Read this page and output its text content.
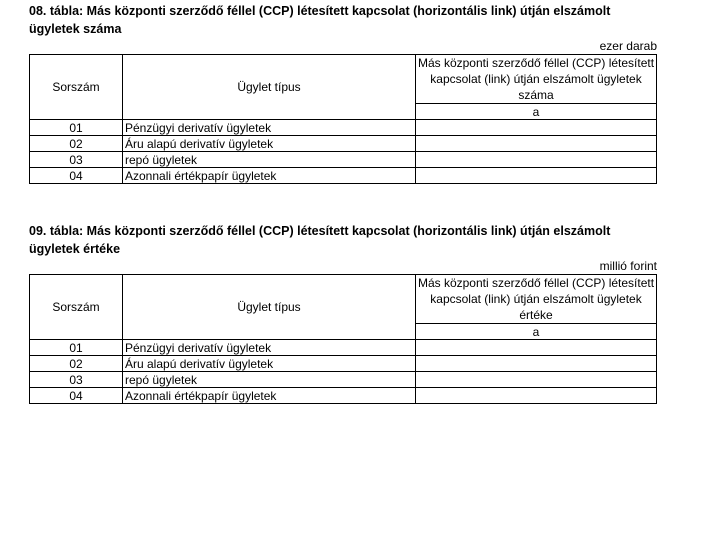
08. tábla: Más központi szerződő féllel (CCP) létesített kapcsolat (horizontális link) útján elszámolt ügyletek száma

ezer darab
Sorszám	Ügylet típus	Más központi szerződő féllel (CCP) létesített kapcsolat (link) útján elszámolt ügyletek száma
		a
01	Pénzügyi derivatív ügyletek	
02	Áru alapú derivatív ügyletek	
03	repó ügyletek	
04	Azonnali értékpapír ügyletek	

09. tábla: Más központi szerződő féllel (CCP) létesített kapcsolat (horizontális link) útján elszámolt ügyletek értéke

millió forint
Sorszám	Ügylet típus	Más központi szerződő féllel (CCP) létesített kapcsolat (link) útján elszámolt ügyletek értéke
		a
01	Pénzügyi derivatív ügyletek	
02	Áru alapú derivatív ügyletek	
03	repó ügyletek	
04	Azonnali értékpapír ügyletek	
